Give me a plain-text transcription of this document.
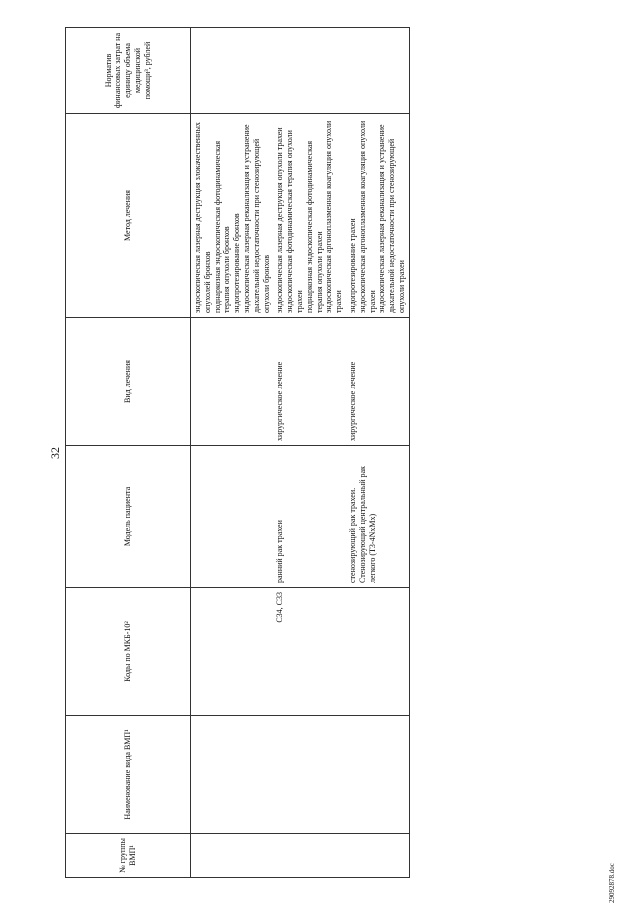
32
29092878.doc
№ группы ВМП¹	Наименование вида ВМП¹	Коды по МКБ-10²	Модель пациента	Вид лечения	Метод лечения	Норматив финансовых затрат на единицу объема медицинской помощи³, рублей

					эндоскопическая лазерная деструкция злокачественных опухолей бронхов поднаркозная эндоскопическая фотодинамическая терапия опухоли бронхов эндопротезирование бронхов эндоскопическая лазерная реканализация и устранение дыхательной недостаточности при стенозирующей опухоли бронхов	

		C34, C33	ранний рак трахеи	хирургическое лечение	эндоскопическая лазерная деструкция опухоли трахеи эндоскопическая фотодинамическая терапия опухоли трахеи поднаркозная эндоскопическая фотодинамическая терапия опухоли трахеи эндоскопическая аргоноплазменная коагуляция опухоли трахеи	

			стенозирующий рак трахеи. Стенозирующий центральный рак легкого (T3-4NxMx)	хирургическое лечение	эндопротезирование трахеи эндоскопическая аргоноплазменная коагуляция опухоли трахеи эндоскопическая лазерная реканализация и устранение дыхательной недостаточности при стенозирующей опухоли трахеи	
